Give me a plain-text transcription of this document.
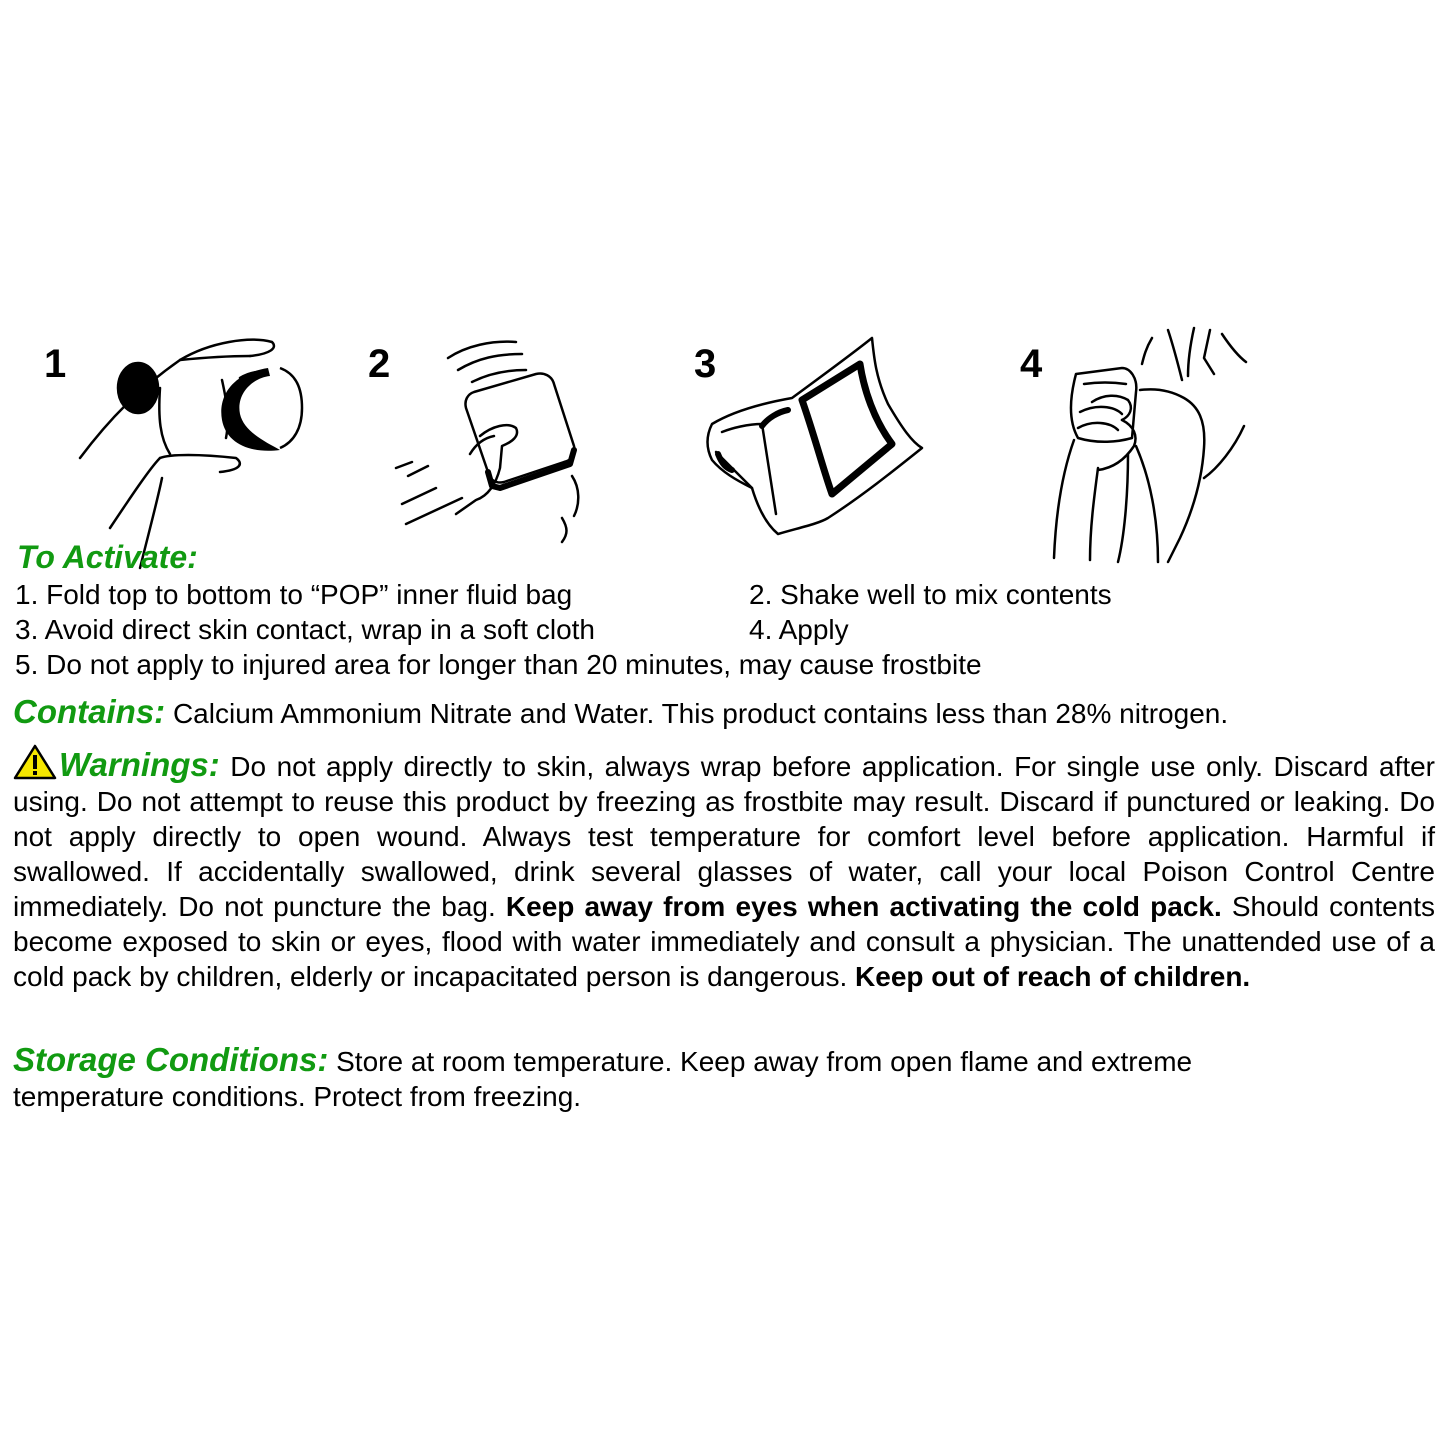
1	2	3	4
To Activate:
1. Fold top to bottom to “POP” inner fluid bag	2. Shake well to mix contents
3. Avoid direct skin contact, wrap in a soft cloth	4. Apply
5. Do not apply to injured area for longer than 20 minutes, may cause frostbite
Contains: Calcium Ammonium Nitrate and Water. This product contains less than 28% nitrogen.
Warnings: Do not apply directly to skin, always wrap before application. For single use only. Discard after using. Do not attempt to reuse this product by freezing as frostbite may result. Discard if punctured or leaking. Do not apply directly to open wound. Always test temperature for comfort level before application. Harmful if swallowed. If accidentally swallowed, drink several glasses of water, call your local Poison Control Centre immediately. Do not puncture the bag. Keep away from eyes when activating the cold pack. Should contents become exposed to skin or eyes, flood with water immediately and consult a physician. The unattended use of a cold pack by children, elderly or incapacitated person is dangerous. Keep out of reach of children.
Storage Conditions: Store at room temperature. Keep away from open flame and extreme temperature conditions. Protect from freezing.
